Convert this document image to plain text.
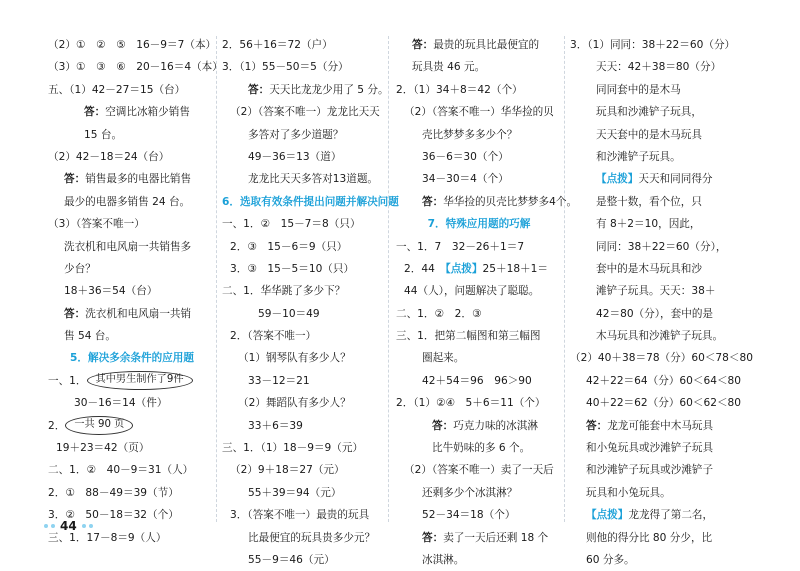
（2）①　②　⑤　16－9＝7（本）
（3）①　③　⑥　20－16＝4（本）
五、（1）42－27＝15（台）
答：空调比冰箱少销售
15 台。
（2）42－18＝24（台）
答：销售最多的电器比销售
最少的电器多销售 24 台。
（3）（答案不唯一）
洗衣机和电风扇一共销售多
少台？
18＋36＝54（台）
答：洗衣机和电风扇一共销
售 54 台。
5．解决多余条件的应用题
一、1． 其中男生制作了9件
30－16＝14（件）
2． 一共 90 页
19＋23＝42（页）
二、1．②　40－9＝31（人）
2．①　88－49＝39（节）
3．②　50－18＝32（个）
三、1．17－8＝9（人）
2．56＋16＝72（户）
3．（1）55－50＝5（分）
答：天天比龙龙少用了 5 分。
（2）（答案不唯一）龙龙比天天
多答对了多少道题？
49－36＝13（道）
龙龙比天天多答对13道题。
6．选取有效条件提出问题并解决问题
一、1．②　15－7＝8（只）
2．③　15－6＝9（只）
3．③　15－5＝10（只）
二、1．华华跳了多少下？
59－10＝49
2．（答案不唯一）
（1）钢琴队有多少人？
33－12＝21
（2）舞蹈队有多少人？
33＋6＝39
三、1．（1）18－9＝9（元）
（2）9＋18＝27（元）
55＋39＝94（元）
3．（答案不唯一）最贵的玩具
比最便宜的玩具贵多少元？
55－9＝46（元）
答：最贵的玩具比最便宜的
玩具贵 46 元。
2．（1）34＋8＝42（个）
（2）（答案不唯一）华华捡的贝
壳比梦梦多多少个？
36－6＝30（个）
34－30＝4（个）
答：华华捡的贝壳比梦梦多4个。
7．特殊应用题的巧解
一、1．7　32－26＋1＝7
2．44　【点拨】25＋18＋1＝
44（人），问题解决了聪聪。
二、1．②　2．③
三、1．把第二幅图和第三幅图
圈起来。
42＋54＝96　96＞90
2．（1）②④　5＋6＝11（个）
答：巧克力味的冰淇淋
比牛奶味的多 6 个。
（2）（答案不唯一）卖了一天后
还剩多少个冰淇淋？
52－34＝18（个）
答：卖了一天后还剩 18 个
冰淇淋。
3．（1）同同：38＋22＝60（分）
天天：42＋38＝80（分）
同同套中的是木马
玩具和沙滩铲子玩具，
天天套中的是木马玩具
和沙滩铲子玩具。
【点拨】天天和同同得分
是整十数，看个位，只
有 8＋2＝10，因此，
同同：38＋22＝60（分），
套中的是木马玩具和沙
滩铲子玩具。天天：38＋
42＝80（分），套中的是
木马玩具和沙滩铲子玩具。
（2）40＋38＝78（分）60＜78＜80
42＋22＝64（分）60＜64＜80
40＋22＝62（分）60＜62＜80
答：龙龙可能套中木马玩具
和小兔玩具或沙滩铲子玩具
和沙滩铲子玩具或沙滩铲子
玩具和小兔玩具。
【点拨】龙龙得了第二名，
则他的得分比 80 分少，比
60 分多。
44
